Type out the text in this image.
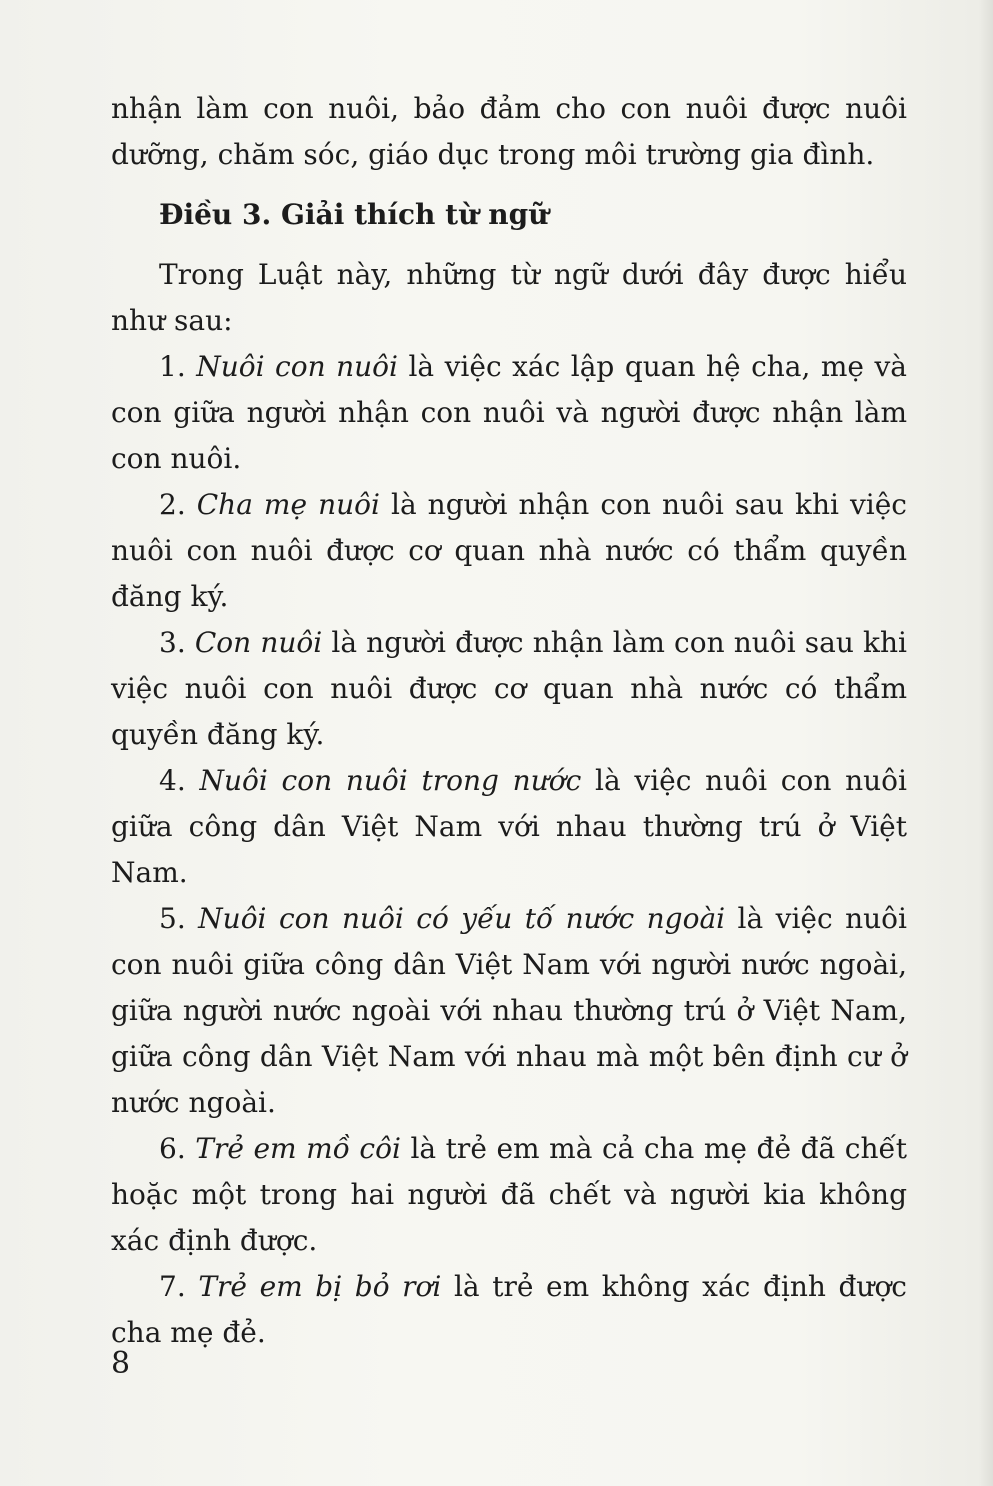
nhận làm con nuôi, bảo đảm cho con nuôi được nuôi dưỡng, chăm sóc, giáo dục trong môi trường gia đình.

Điều 3. Giải thích từ ngữ

Trong Luật này, những từ ngữ dưới đây được hiểu như sau:

1. Nuôi con nuôi là việc xác lập quan hệ cha, mẹ và con giữa người nhận con nuôi và người được nhận làm con nuôi.

2. Cha mẹ nuôi là người nhận con nuôi sau khi việc nuôi con nuôi được cơ quan nhà nước có thẩm quyền đăng ký.

3. Con nuôi là người được nhận làm con nuôi sau khi việc nuôi con nuôi được cơ quan nhà nước có thẩm quyền đăng ký.

4. Nuôi con nuôi trong nước là việc nuôi con nuôi giữa công dân Việt Nam với nhau thường trú ở Việt Nam.

5. Nuôi con nuôi có yếu tố nước ngoài là việc nuôi con nuôi giữa công dân Việt Nam với người nước ngoài, giữa người nước ngoài với nhau thường trú ở Việt Nam, giữa công dân Việt Nam với nhau mà một bên định cư ở nước ngoài.

6. Trẻ em mồ côi là trẻ em mà cả cha mẹ đẻ đã chết hoặc một trong hai người đã chết và người kia không xác định được.

7. Trẻ em bị bỏ rơi là trẻ em không xác định được cha mẹ đẻ.

8
